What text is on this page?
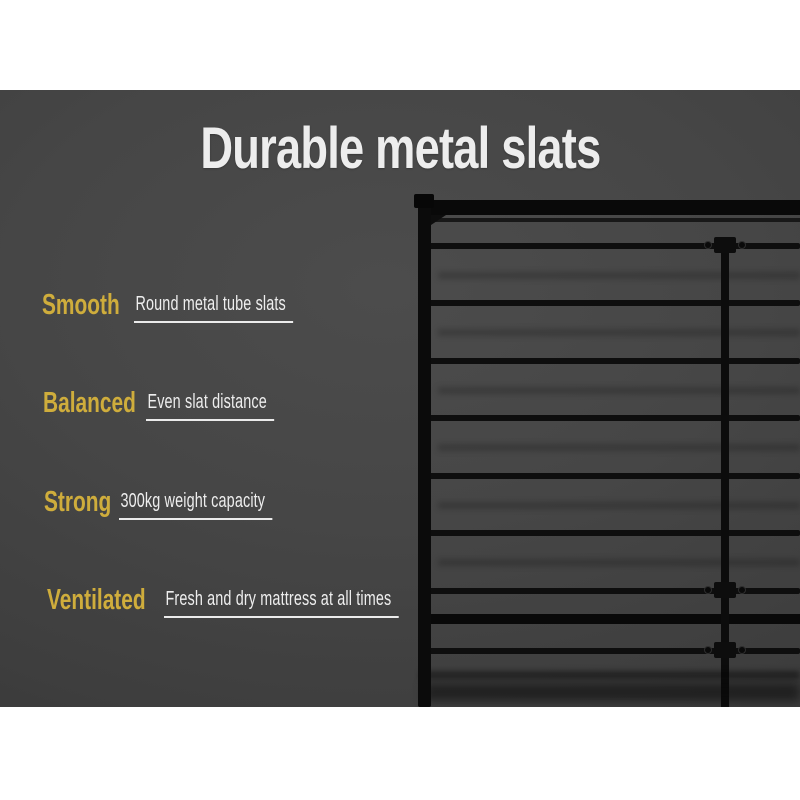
Durable metal slats
Smooth Round metal tube slats
Balanced Even slat distance
Strong 300kg weight capacity
Ventilated Fresh and dry mattress at all times
